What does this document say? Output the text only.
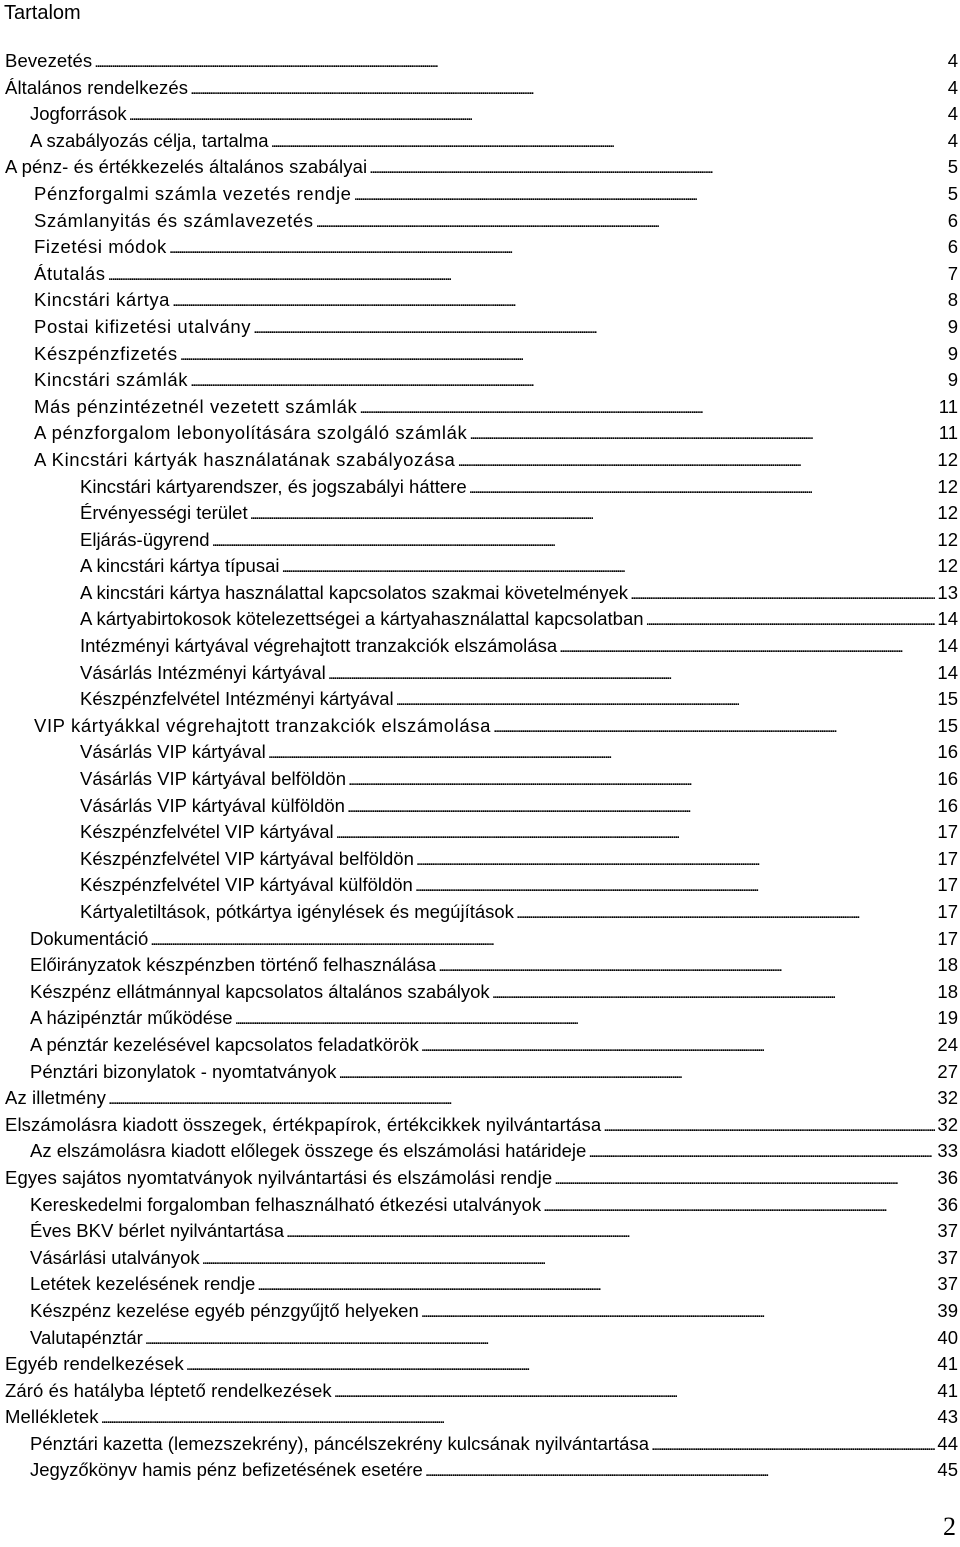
Tartalom
Bevezetés . . .	4
Általános rendelkezés . . .	4
Jogforrások . . .	4
A szabályozás célja, tartalma . . .	4
A pénz- és értékkezelés általános szabályai . . .	5
Pénzforgalmi számla vezetés rendje . . .	5
Számlanyitás és számlavezetés . . .	6
Fizetési módok . . .	6
Átutalás . . .	7
Kincstári kártya . . .	8
Postai kifizetési utalvány . . .	9
Készpénzfizetés . . .	9
Kincstári számlák . . .	9
Más pénzintézetnél vezetett számlák . . .	11
A pénzforgalom lebonyolítására szolgáló számlák . . .	11
A Kincstári kártyák használatának szabályozása . . .	12
Kincstári kártyarendszer, és jogszabályi háttere . . .	12
Érvényességi terület . . .	12
Eljárás-ügyrend . . .	12
A kincstári kártya típusai . . .	12
A kincstári kártya használattal kapcsolatos szakmai követelmények . . .	13
A kártyabirtokosok kötelezettségei a kártyahasználattal kapcsolatban . . .	14
Intézményi kártyával végrehajtott tranzakciók elszámolása . . .	14
Vásárlás Intézményi kártyával . . .	14
Készpénzfelvétel Intézményi kártyával . . .	15
VIP kártyákkal végrehajtott tranzakciók elszámolása . . .	15
Vásárlás VIP kártyával . . .	16
Vásárlás VIP kártyával belföldön . . .	16
Vásárlás VIP kártyával külföldön . . .	16
Készpénzfelvétel VIP kártyával . . .	17
Készpénzfelvétel VIP kártyával belföldön . . .	17
Készpénzfelvétel VIP kártyával külföldön . . .	17
Kártyaletiltások, pótkártya igénylések és megújítások . . .	17
Dokumentáció . . .	17
Előirányzatok készpénzben történő felhasználása . . .	18
Készpénz ellátmánnyal kapcsolatos általános szabályok . . .	18
A házipénztár működése . . .	19
A pénztár kezelésével kapcsolatos feladatkörök . . .	24
Pénztári bizonylatok - nyomtatványok . . .	27
Az illetmény . . .	32
Elszámolásra kiadott összegek, értékpapírok, értékcikkek nyilvántartása . . .	32
Az elszámolásra kiadott előlegek összege és elszámolási határideje . . .	33
Egyes sajátos nyomtatványok nyilvántartási és elszámolási rendje . . .	36
Kereskedelmi forgalomban felhasználható étkezési utalványok . . .	36
Éves BKV bérlet nyilvántartása . . .	37
Vásárlási utalványok . . .	37
Letétek kezelésének rendje . . .	37
Készpénz kezelése egyéb pénzgyűjtő helyeken . . .	39
Valutapénztár . . .	40
Egyéb rendelkezések . . .	41
Záró és hatályba léptető rendelkezések . . .	41
Mellékletek . . .	43
Pénztári kazetta (lemezszekrény), páncélszekrény kulcsának nyilvántartása . . .	44
Jegyzőkönyv hamis pénz befizetésének esetére . . .	45
2
